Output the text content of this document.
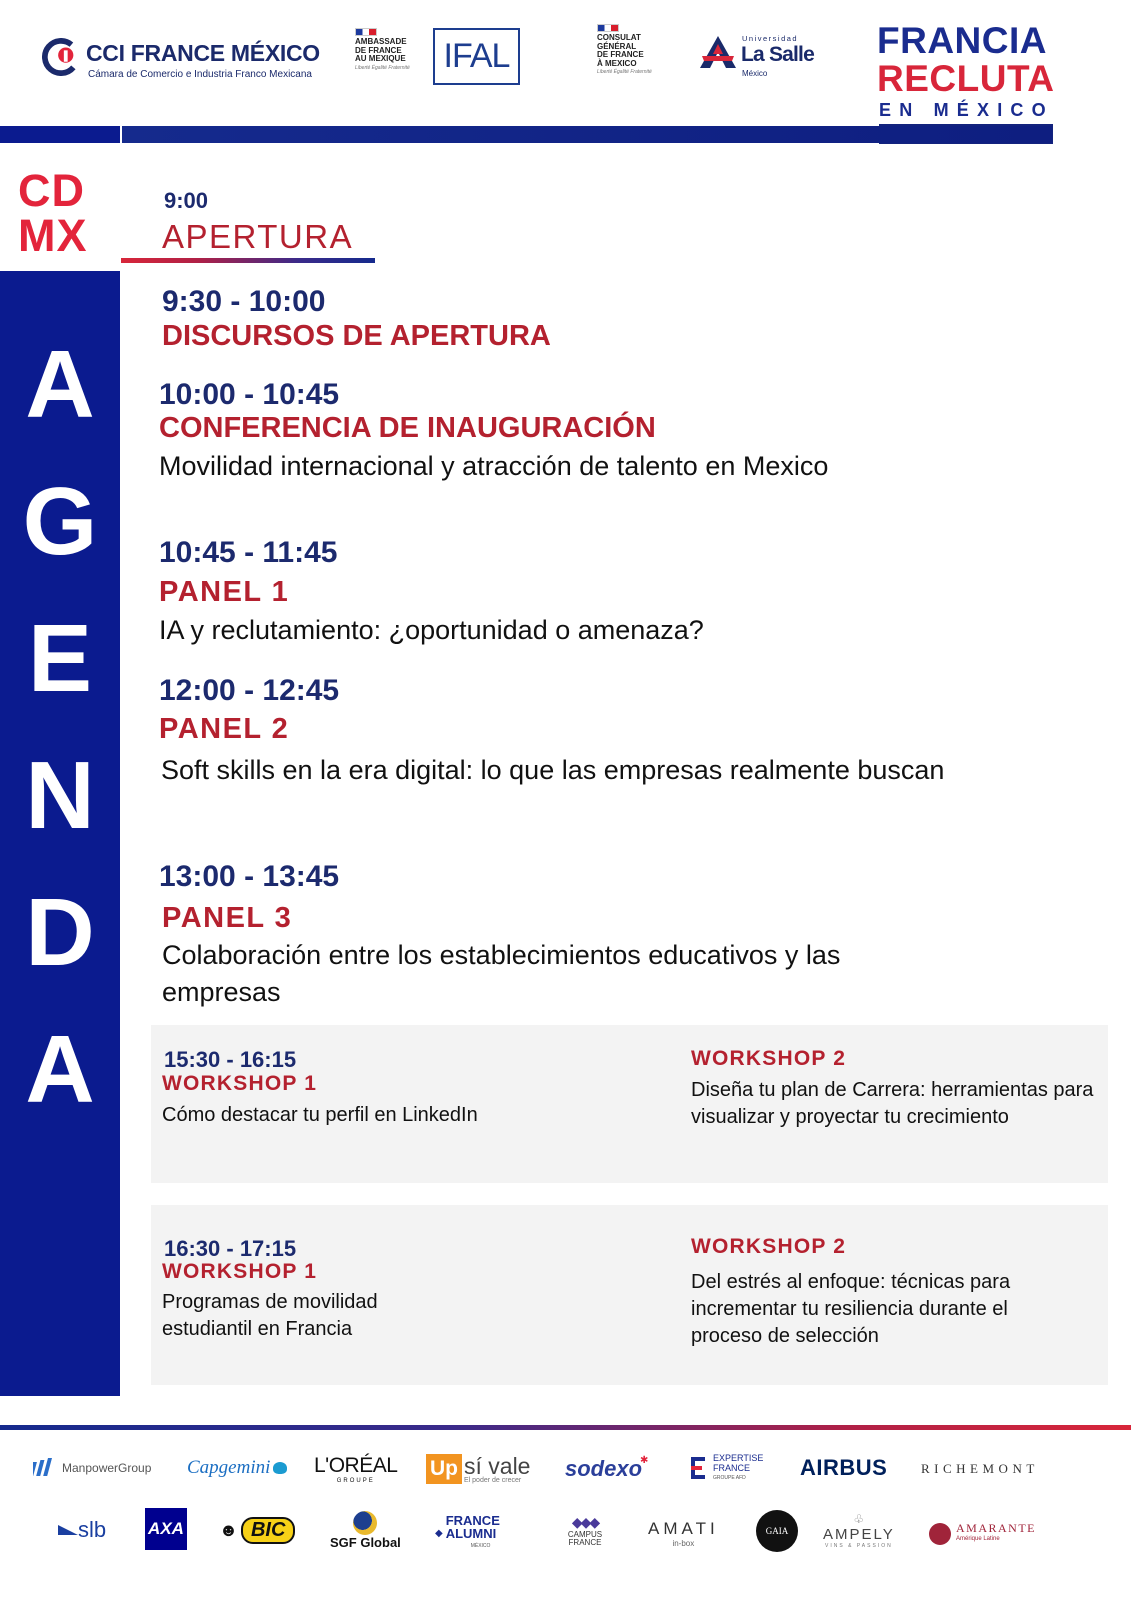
CCI FRANCE MÉXICO
Cámara de Comercio e Industria Franco Mexicana
AMBASSADE
DE FRANCE
AU MEXIQUE
Liberté Égalité Fraternité IFAL	CONSULAT
GÉNÉRAL
DE FRANCE
À MEXICO
Liberté Égalité Fraternité
Universidad
La Salle
México
FRANCIA
RECLUTA
EN MÉXICO
CD
MX
A
G
E
N
D
A
9:00
APERTURA
9:30 - 10:00
DISCURSOS DE APERTURA
10:00 - 10:45
CONFERENCIA DE INAUGURACIÓN
Movilidad internacional y atracción de talento en Mexico
10:45 - 11:45
PANEL 1
IA y reclutamiento: ¿oportunidad o amenaza?
12:00 - 12:45
PANEL 2
Soft skills en la era digital: lo que las empresas realmente buscan
13:00 - 13:45
PANEL 3
Colaboración entre los establecimientos educativos y las empresas
15:30 - 16:15
WORKSHOP 1
Cómo destacar tu perfil en LinkedIn
WORKSHOP 2
Diseña tu plan de Carrera: herramientas para visualizar y proyectar tu crecimiento
16:30 - 17:15
WORKSHOP 1
Programas de movilidad estudiantil en Francia
WORKSHOP 2
Del estrés al enfoque: técnicas para incrementar tu resiliencia durante el proceso de selección
ManpowerGroup Capgemini L'ORÉAL
GROUPE
Up sí vale
El poder de crecer	sodexo
✱	EXPERTISE FRANCE
GROUPE AFD	AIRBUS	RICHEMONT
slb AXA ☻ BIC
SGF Global
◆
FRANCE ALUMNI
MÉXICO
◆◆◆
CAMPUS FRANCE
AMATI
in-box
GAIA
♧
AMPELY
VINS & PASSION
AMARANTE
Amérique Latine
